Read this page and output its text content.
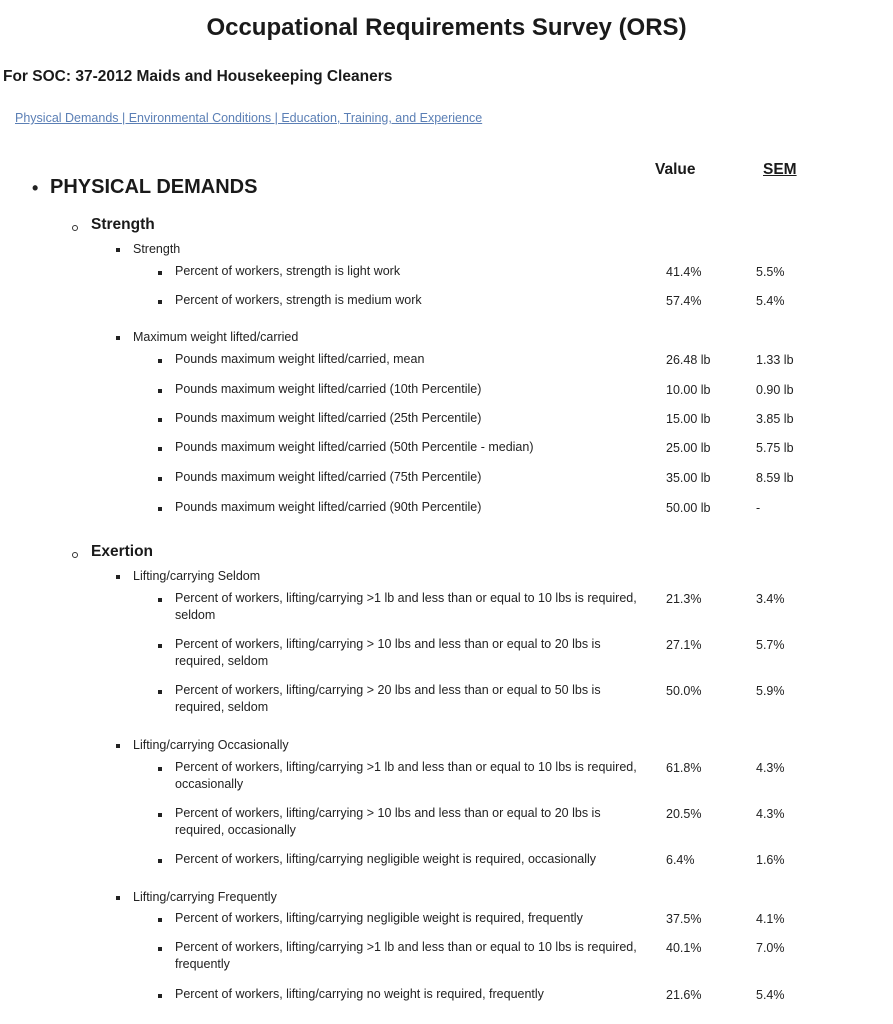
Occupational Requirements Survey (ORS)
For SOC: 37-2012 Maids and Housekeeping Cleaners
Physical Demands | Environmental Conditions | Education, Training, and Experience
Value	SEM
• PHYSICAL DEMANDS
Strength
Strength
Percent of workers, strength is light work	41.4%	5.5%
Percent of workers, strength is medium work	57.4%	5.4%
Maximum weight lifted/carried
Pounds maximum weight lifted/carried, mean	26.48 lb	1.33 lb
Pounds maximum weight lifted/carried (10th Percentile)	10.00 lb	0.90 lb
Pounds maximum weight lifted/carried (25th Percentile)	15.00 lb	3.85 lb
Pounds maximum weight lifted/carried (50th Percentile - median)	25.00 lb	5.75 lb
Pounds maximum weight lifted/carried (75th Percentile)	35.00 lb	8.59 lb
Pounds maximum weight lifted/carried (90th Percentile)	50.00 lb	-
Exertion
Lifting/carrying Seldom
Percent of workers, lifting/carrying >1 lb and less than or equal to 10 lbs is required, seldom
21.3%	3.4%
Percent of workers, lifting/carrying > 10 lbs and less than or equal to 20 lbs is required, seldom
27.1%	5.7%
Percent of workers, lifting/carrying > 20 lbs and less than or equal to 50 lbs is required, seldom
50.0%	5.9%
Lifting/carrying Occasionally
Percent of workers, lifting/carrying >1 lb and less than or equal to 10 lbs is required, occasionally
61.8%	4.3%
Percent of workers, lifting/carrying > 10 lbs and less than or equal to 20 lbs is required, occasionally
20.5%	4.3%
Percent of workers, lifting/carrying negligible weight is required, occasionally	6.4%	1.6%
Lifting/carrying Frequently
Percent of workers, lifting/carrying negligible weight is required, frequently	37.5%	4.1%
Percent of workers, lifting/carrying >1 lb and less than or equal to 10 lbs is required, frequently
40.1%	7.0%
Percent of workers, lifting/carrying no weight is required, frequently	21.6%	5.4%
